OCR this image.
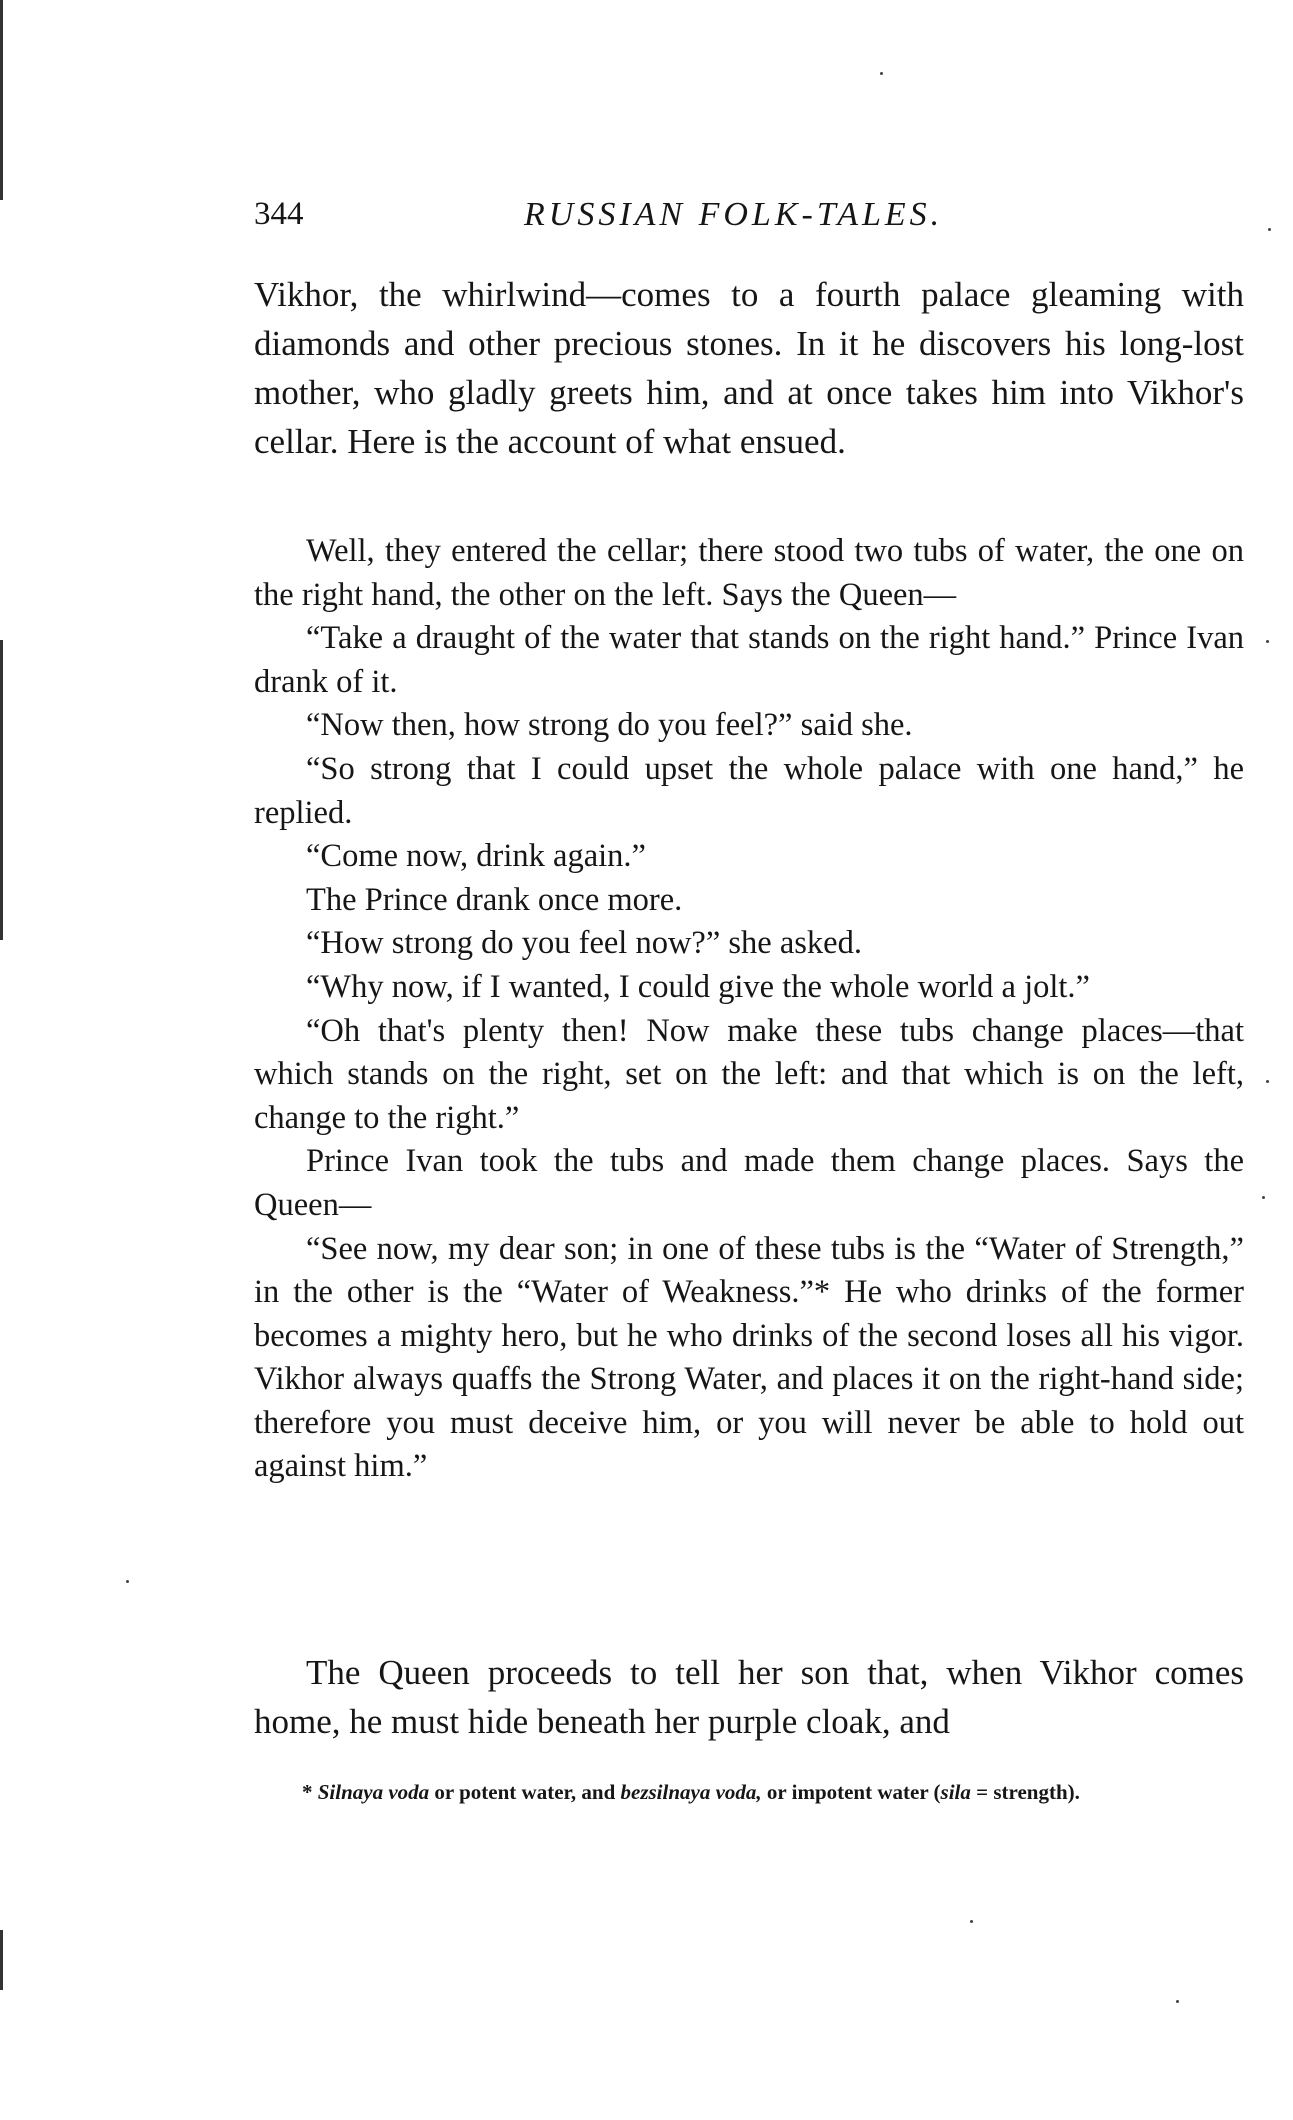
344	RUSSIAN FOLK-TALES.

Vikhor, the whirlwind—comes to a fourth palace gleaming with diamonds and other precious stones. In it he discovers his long-lost mother, who gladly greets him, and at once takes him into Vikhor's cellar. Here is the account of what ensued.

Well, they entered the cellar; there stood two tubs of water, the one on the right hand, the other on the left. Says the Queen—

“Take a draught of the water that stands on the right hand.” Prince Ivan drank of it.

“Now then, how strong do you feel?” said she.

“So strong that I could upset the whole palace with one hand,” he replied.

“Come now, drink again.”

The Prince drank once more.

“How strong do you feel now?” she asked.

“Why now, if I wanted, I could give the whole world a jolt.”

“Oh that's plenty then! Now make these tubs change places—that which stands on the right, set on the left: and that which is on the left, change to the right.”

Prince Ivan took the tubs and made them change places. Says the Queen—

“See now, my dear son; in one of these tubs is the “Water of Strength,” in the other is the “Water of Weakness.”* He who drinks of the former becomes a mighty hero, but he who drinks of the second loses all his vigor. Vikhor always quaffs the Strong Water, and places it on the right-hand side; therefore you must deceive him, or you will never be able to hold out against him.”

The Queen proceeds to tell her son that, when Vikhor comes home, he must hide beneath her purple cloak, and

* Silnaya voda or potent water, and bezsilnaya voda, or impotent water (sila = strength).
